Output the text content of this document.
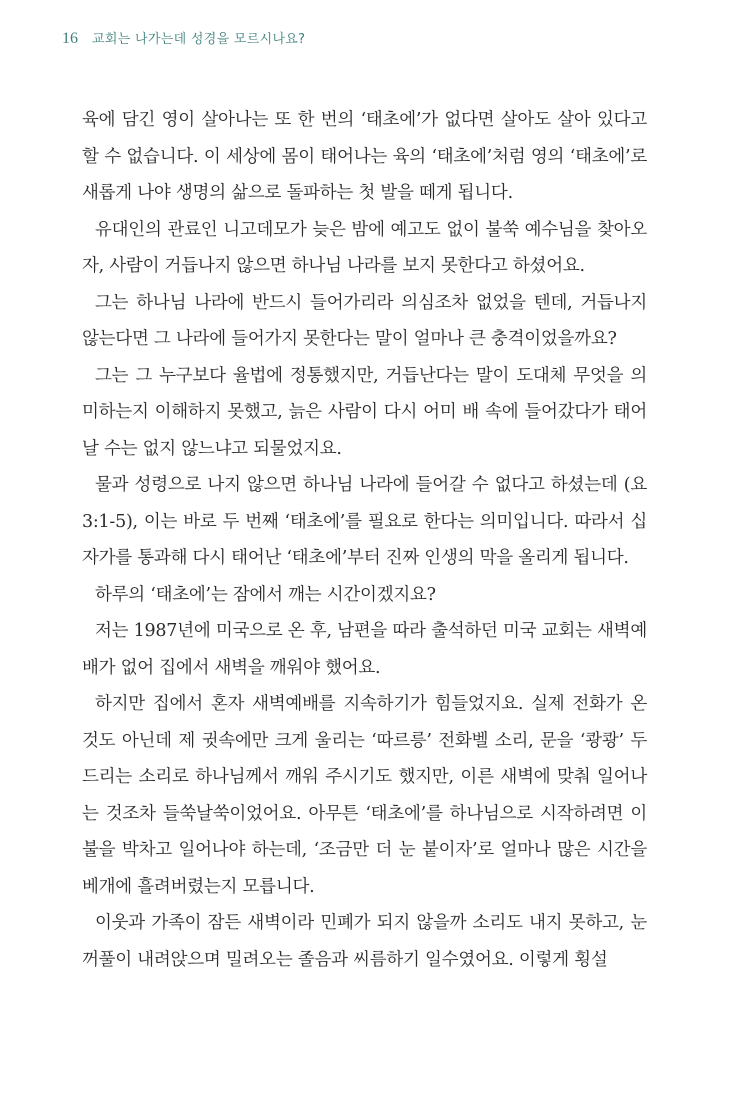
16 교회는 나가는데 성경을 모르시나요?

육에 담긴 영이 살아나는 또 한 번의 ‘태초에’가 없다면 살아도 살아 있다고 할 수 없습니다. 이 세상에 몸이 태어나는 육의 ‘태초에’처럼 영의 ‘태초에’로 새롭게 나야 생명의 삶으로 돌파하는 첫 발을 떼게 됩니다.

유대인의 관료인 니고데모가 늦은 밤에 예고도 없이 불쑥 예수님을 찾아오자, 사람이 거듭나지 않으면 하나님 나라를 보지 못한다고 하셨어요.

그는 하나님 나라에 반드시 들어가리라 의심조차 없었을 텐데, 거듭나지 않는다면 그 나라에 들어가지 못한다는 말이 얼마나 큰 충격이었을까요?

그는 그 누구보다 율법에 정통했지만, 거듭난다는 말이 도대체 무엇을 의미하는지 이해하지 못했고, 늙은 사람이 다시 어미 배 속에 들어갔다가 태어날 수는 없지 않느냐고 되물었지요.

물과 성령으로 나지 않으면 하나님 나라에 들어갈 수 없다고 하셨는데 (요 3:1-5), 이는 바로 두 번째 ‘태초에’를 필요로 한다는 의미입니다. 따라서 십자가를 통과해 다시 태어난 ‘태초에’부터 진짜 인생의 막을 올리게 됩니다.

하루의 ‘태초에’는 잠에서 깨는 시간이겠지요?

저는 1987년에 미국으로 온 후, 남편을 따라 출석하던 미국 교회는 새벽예배가 없어 집에서 새벽을 깨워야 했어요.

하지만 집에서 혼자 새벽예배를 지속하기가 힘들었지요. 실제 전화가 온 것도 아닌데 제 귓속에만 크게 울리는 ‘따르릉’ 전화벨 소리, 문을 ‘쾅쾅’ 두드리는 소리로 하나님께서 깨워 주시기도 했지만, 이른 새벽에 맞춰 일어나는 것조차 들쑥날쑥이었어요. 아무튼 ‘태초에’를 하나님으로 시작하려면 이불을 박차고 일어나야 하는데, ‘조금만 더 눈 붙이자’로 얼마나 많은 시간을 베개에 흘려버렸는지 모릅니다.

이웃과 가족이 잠든 새벽이라 민폐가 되지 않을까 소리도 내지 못하고, 눈꺼풀이 내려앉으며 밀려오는 졸음과 씨름하기 일수였어요. 이렇게 횡설
